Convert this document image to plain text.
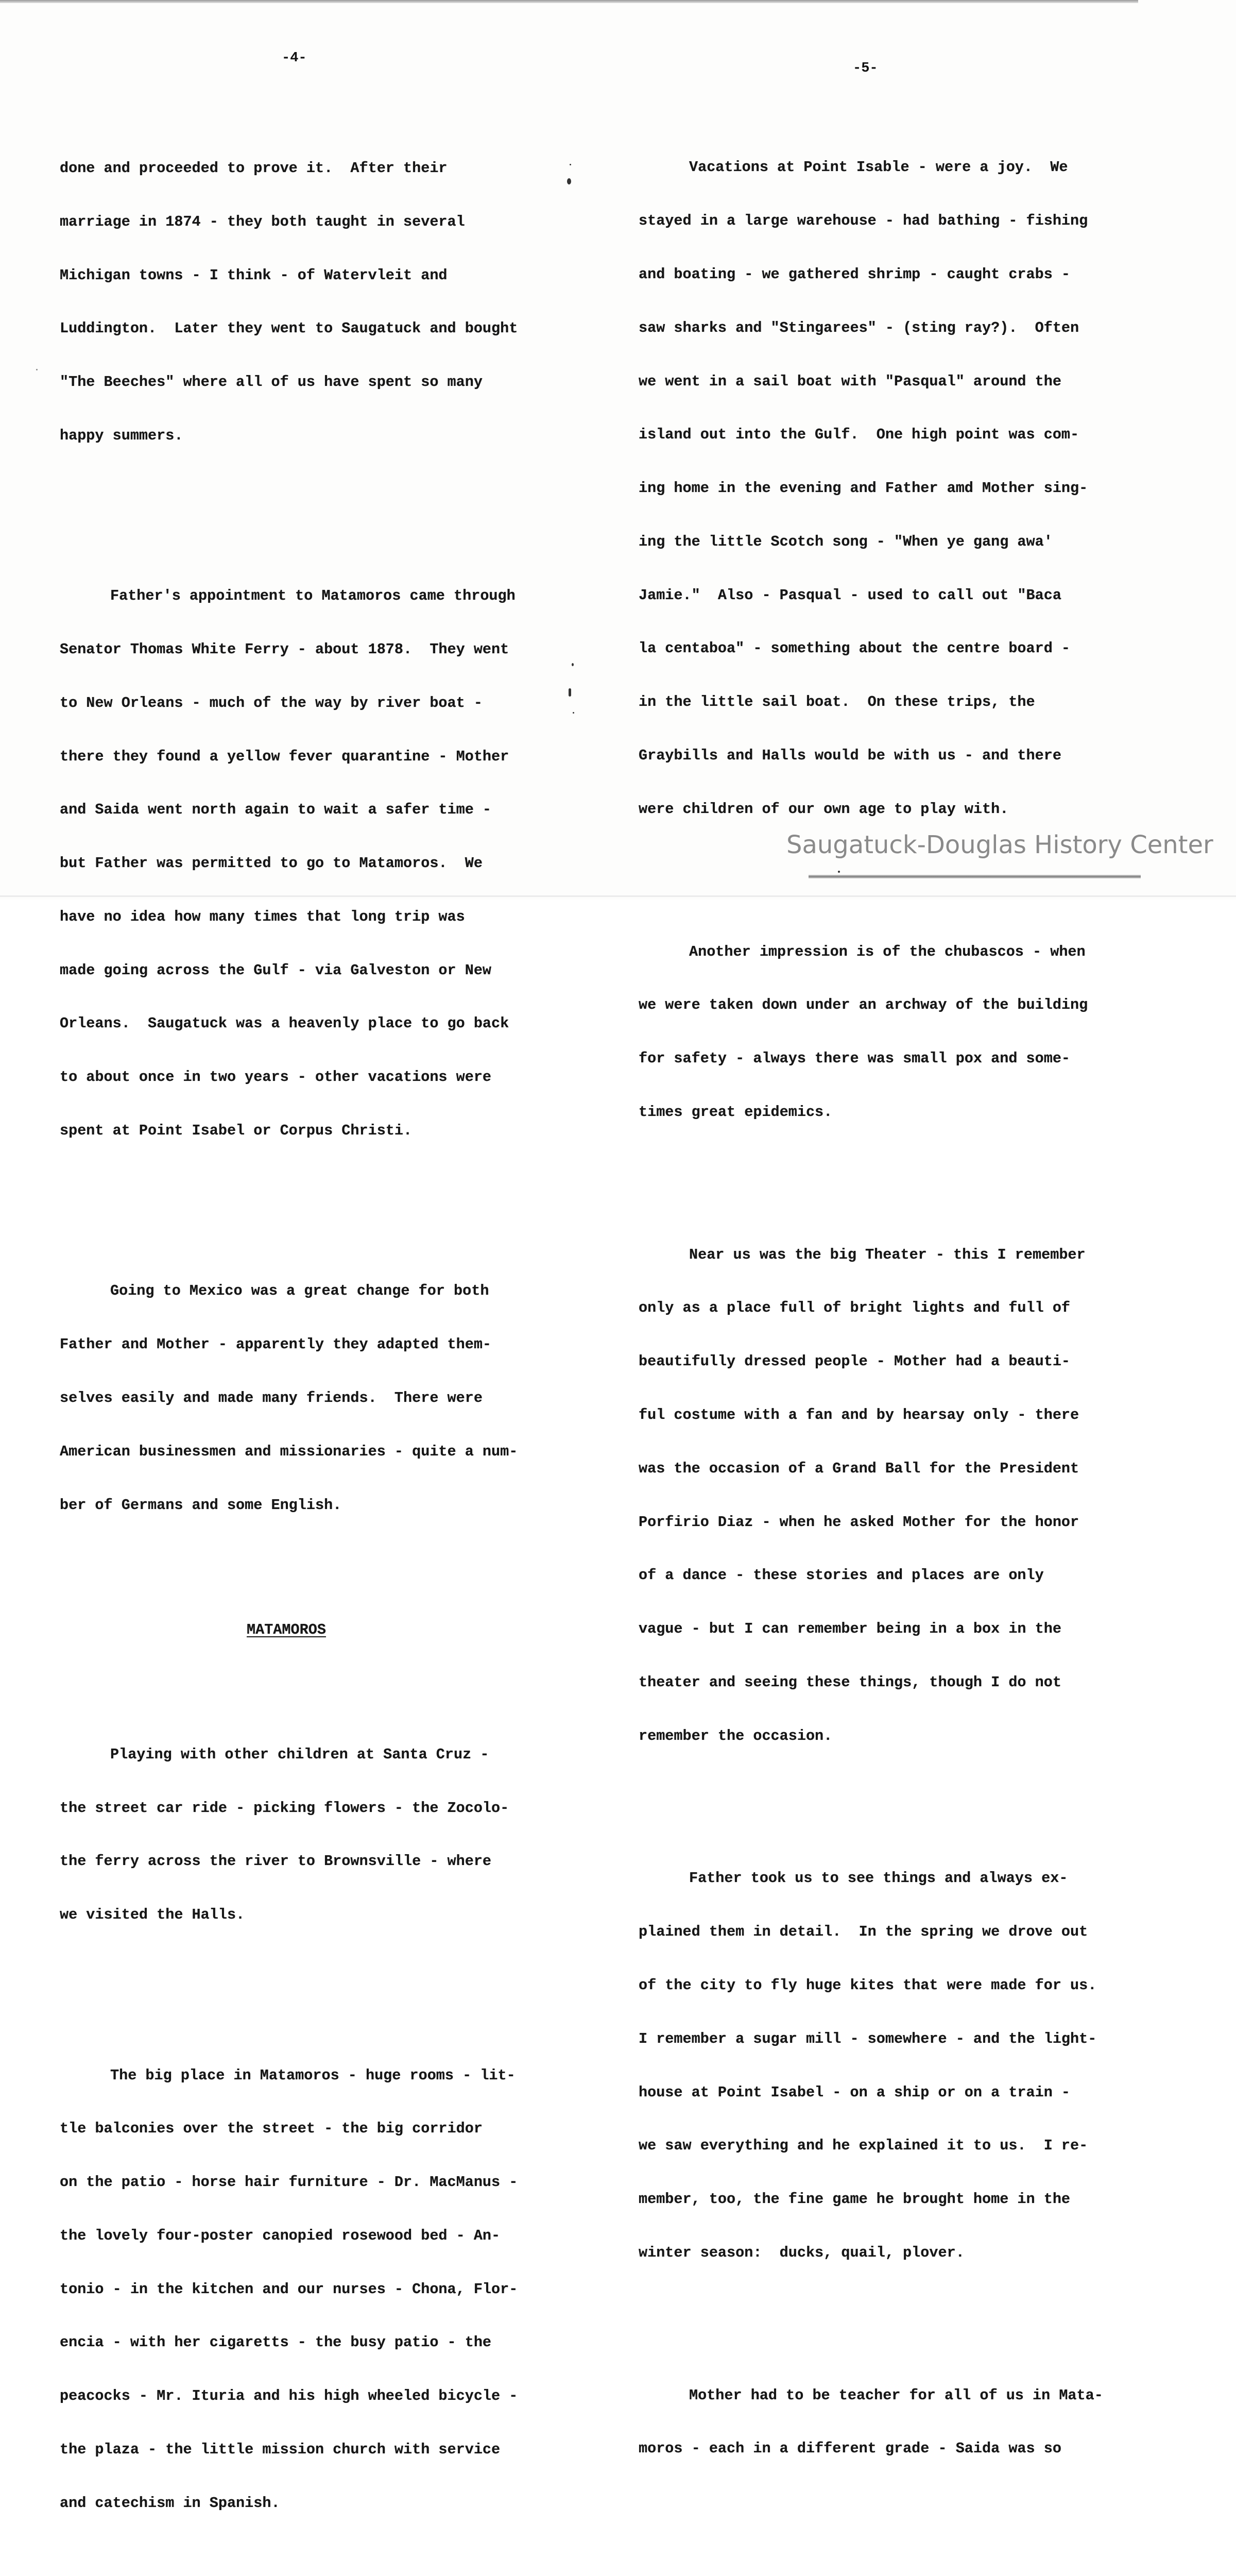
-4-
-5-

done and proceeded to prove it.  After their

marriage in 1874 - they both taught in several

Michigan towns - I think - of Watervleit and

Luddington.  Later they went to Saugatuck and bought

"The Beeches" where all of us have spent so many

happy summers.

Father's appointment to Matamoros came through

Senator Thomas White Ferry - about 1878.  They went

to New Orleans - much of the way by river boat -

there they found a yellow fever quarantine - Mother

and Saida went north again to wait a safer time -

but Father was permitted to go to Matamoros.  We

have no idea how many times that long trip was

made going across the Gulf - via Galveston or New

Orleans.  Saugatuck was a heavenly place to go back

to about once in two years - other vacations were

spent at Point Isabel or Corpus Christi.

Going to Mexico was a great change for both

Father and Mother - apparently they adapted them-

selves easily and made many friends.  There were

American businessmen and missionaries - quite a num-

ber of Germans and some English.

MATAMOROS

Playing with other children at Santa Cruz -

the street car ride - picking flowers - the Zocolo-

the ferry across the river to Brownsville - where

we visited the Halls.

The big place in Matamoros - huge rooms - lit-

tle balconies over the street - the big corridor

on the patio - horse hair furniture - Dr. MacManus -

the lovely four-poster canopied rosewood bed - An-

tonio - in the kitchen and our nurses - Chona, Flor-

encia - with her cigaretts - the busy patio - the

peacocks - Mr. Ituria and his high wheeled bicycle -

the plaza - the little mission church with service

and catechism in Spanish.

Vacations at Point Isable - were a joy.  We

stayed in a large warehouse - had bathing - fishing

and boating - we gathered shrimp - caught crabs -

saw sharks and "Stingarees" - (sting ray?).  Often

we went in a sail boat with "Pasqual" around the

island out into the Gulf.  One high point was com-

ing home in the evening and Father amd Mother sing-

ing the little Scotch song - "When ye gang awa'

Jamie."  Also - Pasqual - used to call out "Baca

la centaboa" - something about the centre board -

in the little sail boat.  On these trips, the

Graybills and Halls would be with us - and there

were children of our own age to play with.

Another impression is of the chubascos - when

we were taken down under an archway of the building

for safety - always there was small pox and some-

times great epidemics.

Near us was the big Theater - this I remember

only as a place full of bright lights and full of

beautifully dressed people - Mother had a beauti-

ful costume with a fan and by hearsay only - there

was the occasion of a Grand Ball for the President

Porfirio Diaz - when he asked Mother for the honor

of a dance - these stories and places are only

vague - but I can remember being in a box in the

theater and seeing these things, though I do not

remember the occasion.

Father took us to see things and always ex-

plained them in detail.  In the spring we drove out

of the city to fly huge kites that were made for us.

I remember a sugar mill - somewhere - and the light-

house at Point Isabel - on a ship or on a train -

we saw everything and he explained it to us.  I re-

member, too, the fine game he brought home in the

winter season:  ducks, quail, plover.

Mother had to be teacher for all of us in Mata-

moros - each in a different grade - Saida was so

Saugatuck-Douglas History Center
